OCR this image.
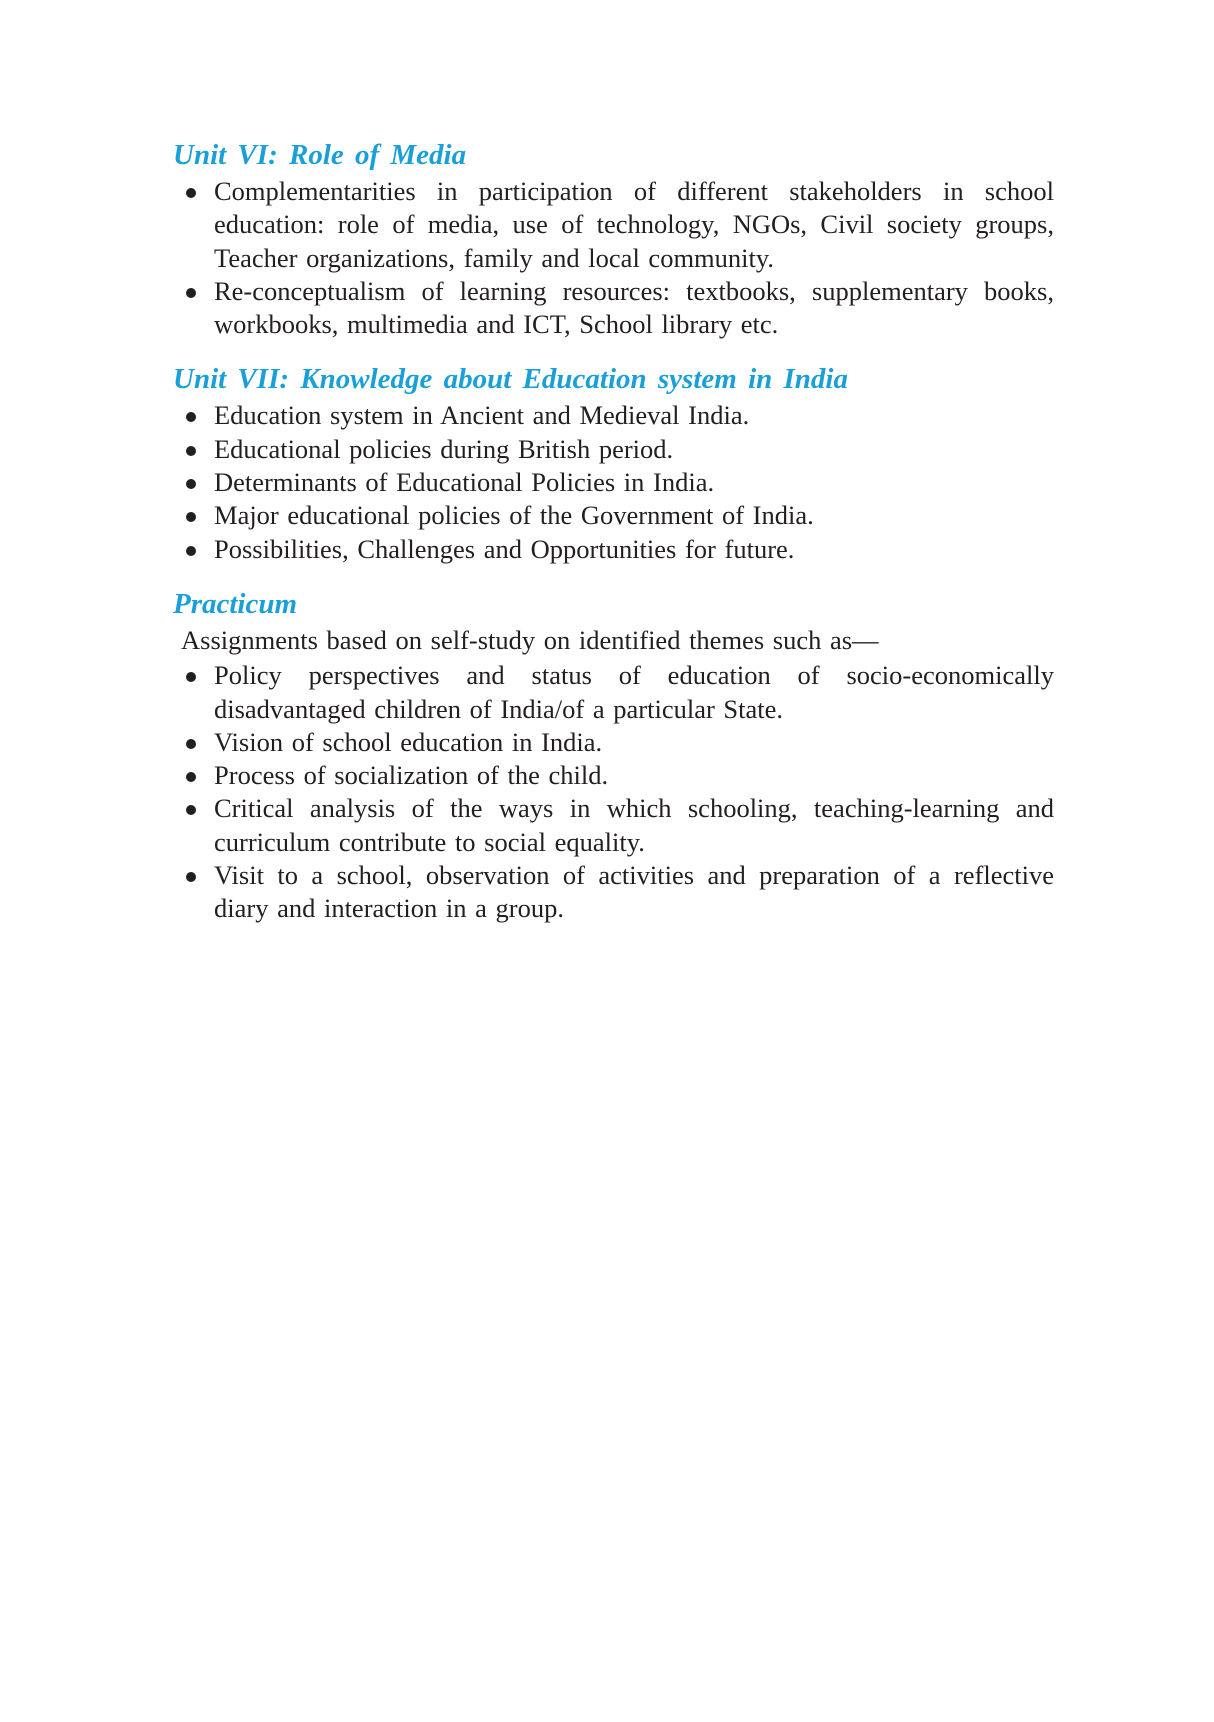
Unit VI: Role of Media
Complementarities in participation of different stakeholders in school education: role of media, use of technology, NGOs, Civil society groups, Teacher organizations, family and local community.
Re-conceptualism of learning resources: textbooks, supplementary books, workbooks, multimedia and ICT, School library etc.
Unit VII: Knowledge about Education system in India
Education system in Ancient and Medieval India.
Educational policies during British period.
Determinants of Educational Policies in India.
Major educational policies of the Government of India.
Possibilities, Challenges and Opportunities for future.
Practicum

Assignments based on self-study on identified themes such as—

Policy perspectives and status of education of socio-economically disadvantaged children of India/of a particular State.
Vision of school education in India.
Process of socialization of the child.
Critical analysis of the ways in which schooling, teaching-learning and curriculum contribute to social equality.
Visit to a school, observation of activities and preparation of a reflective diary and interaction in a group.
